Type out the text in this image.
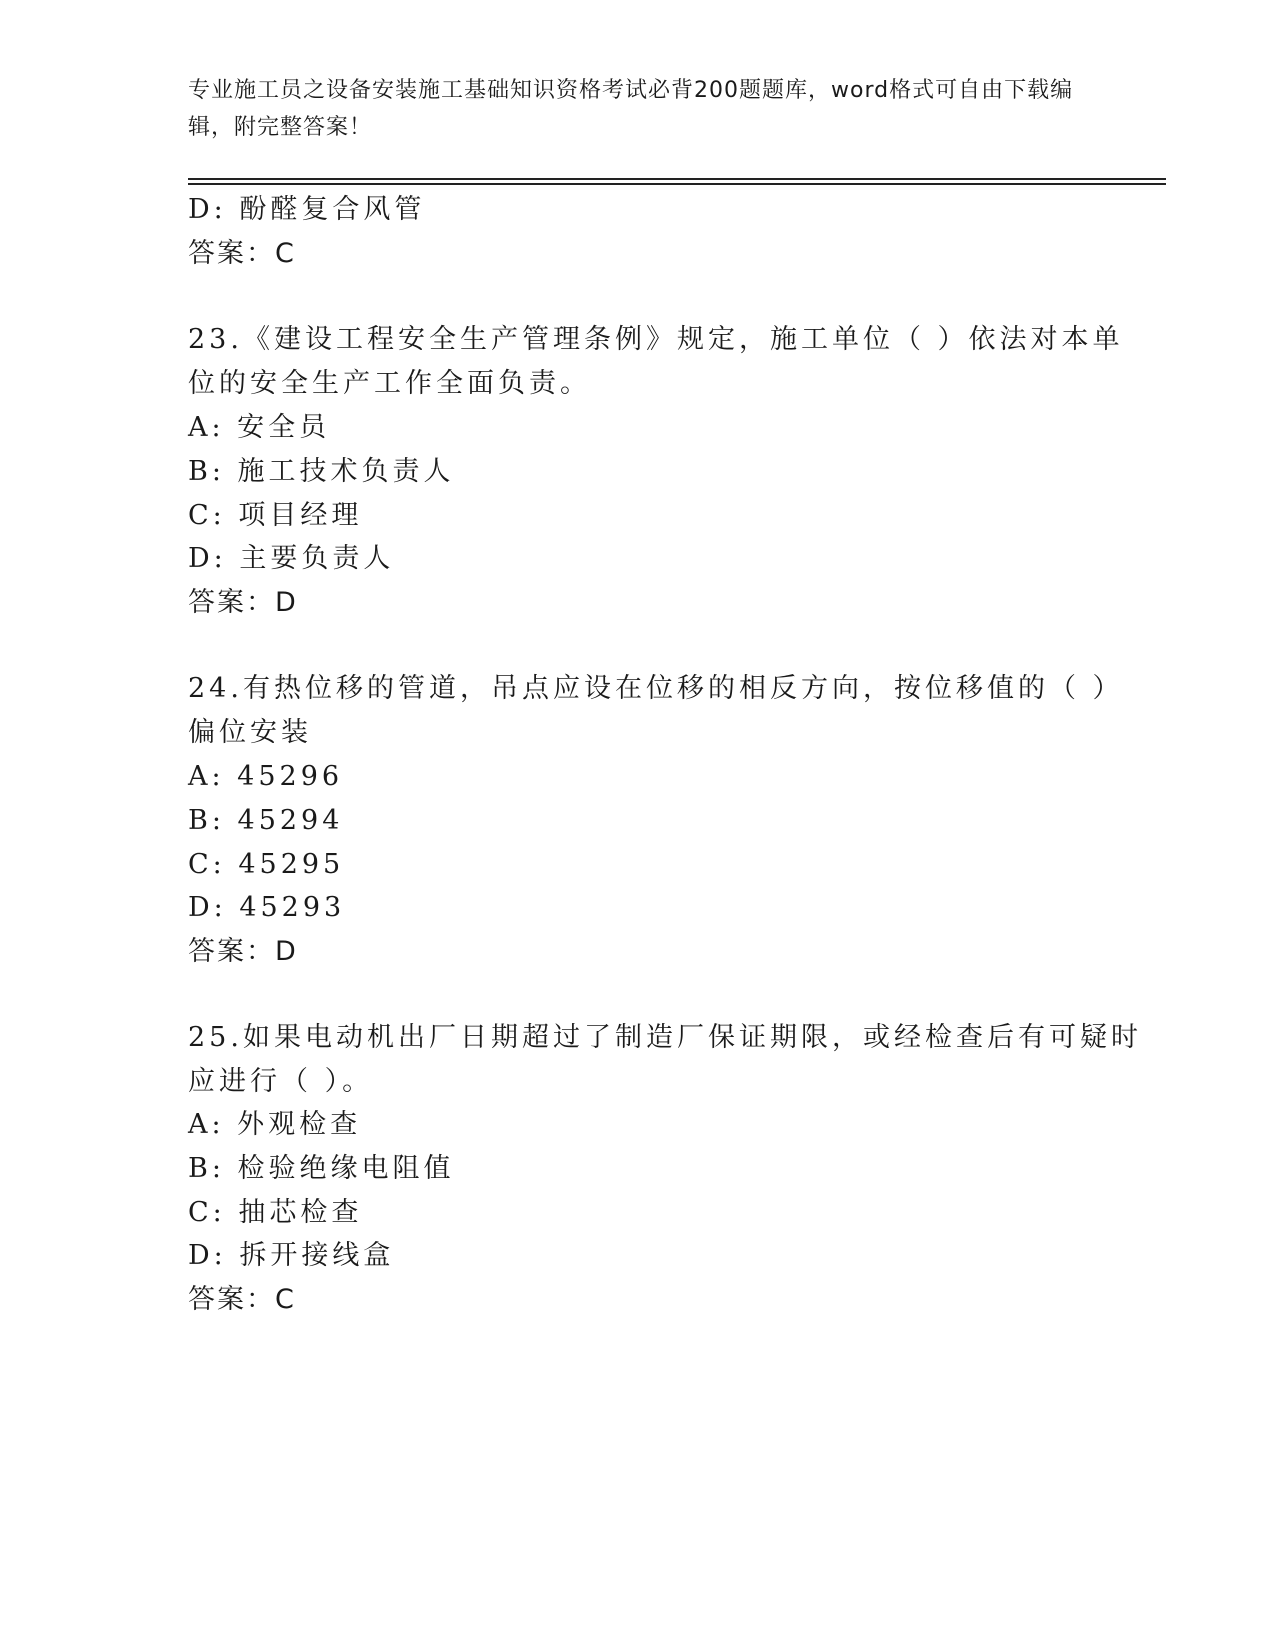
专业施工员之设备安装施工基础知识资格考试必背200题题库，word格式可自由下载编辑，附完整答案！
D: 酚醛复合风管
答案：C
23.《建设工程安全生产管理条例》规定，施工单位（ ）依法对本单
位的安全生产工作全面负责。
A: 安全员
B: 施工技术负责人
C: 项目经理
D: 主要负责人
答案：D
24.有热位移的管道，吊点应设在位移的相反方向，按位移值的（ ）
偏位安装
A: 45296
B: 45294
C: 45295
D: 45293
答案：D
25.如果电动机出厂日期超过了制造厂保证期限，或经检查后有可疑时
应进行（ ）。
A: 外观检查
B: 检验绝缘电阻值
C: 抽芯检查
D: 拆开接线盒
答案：C
